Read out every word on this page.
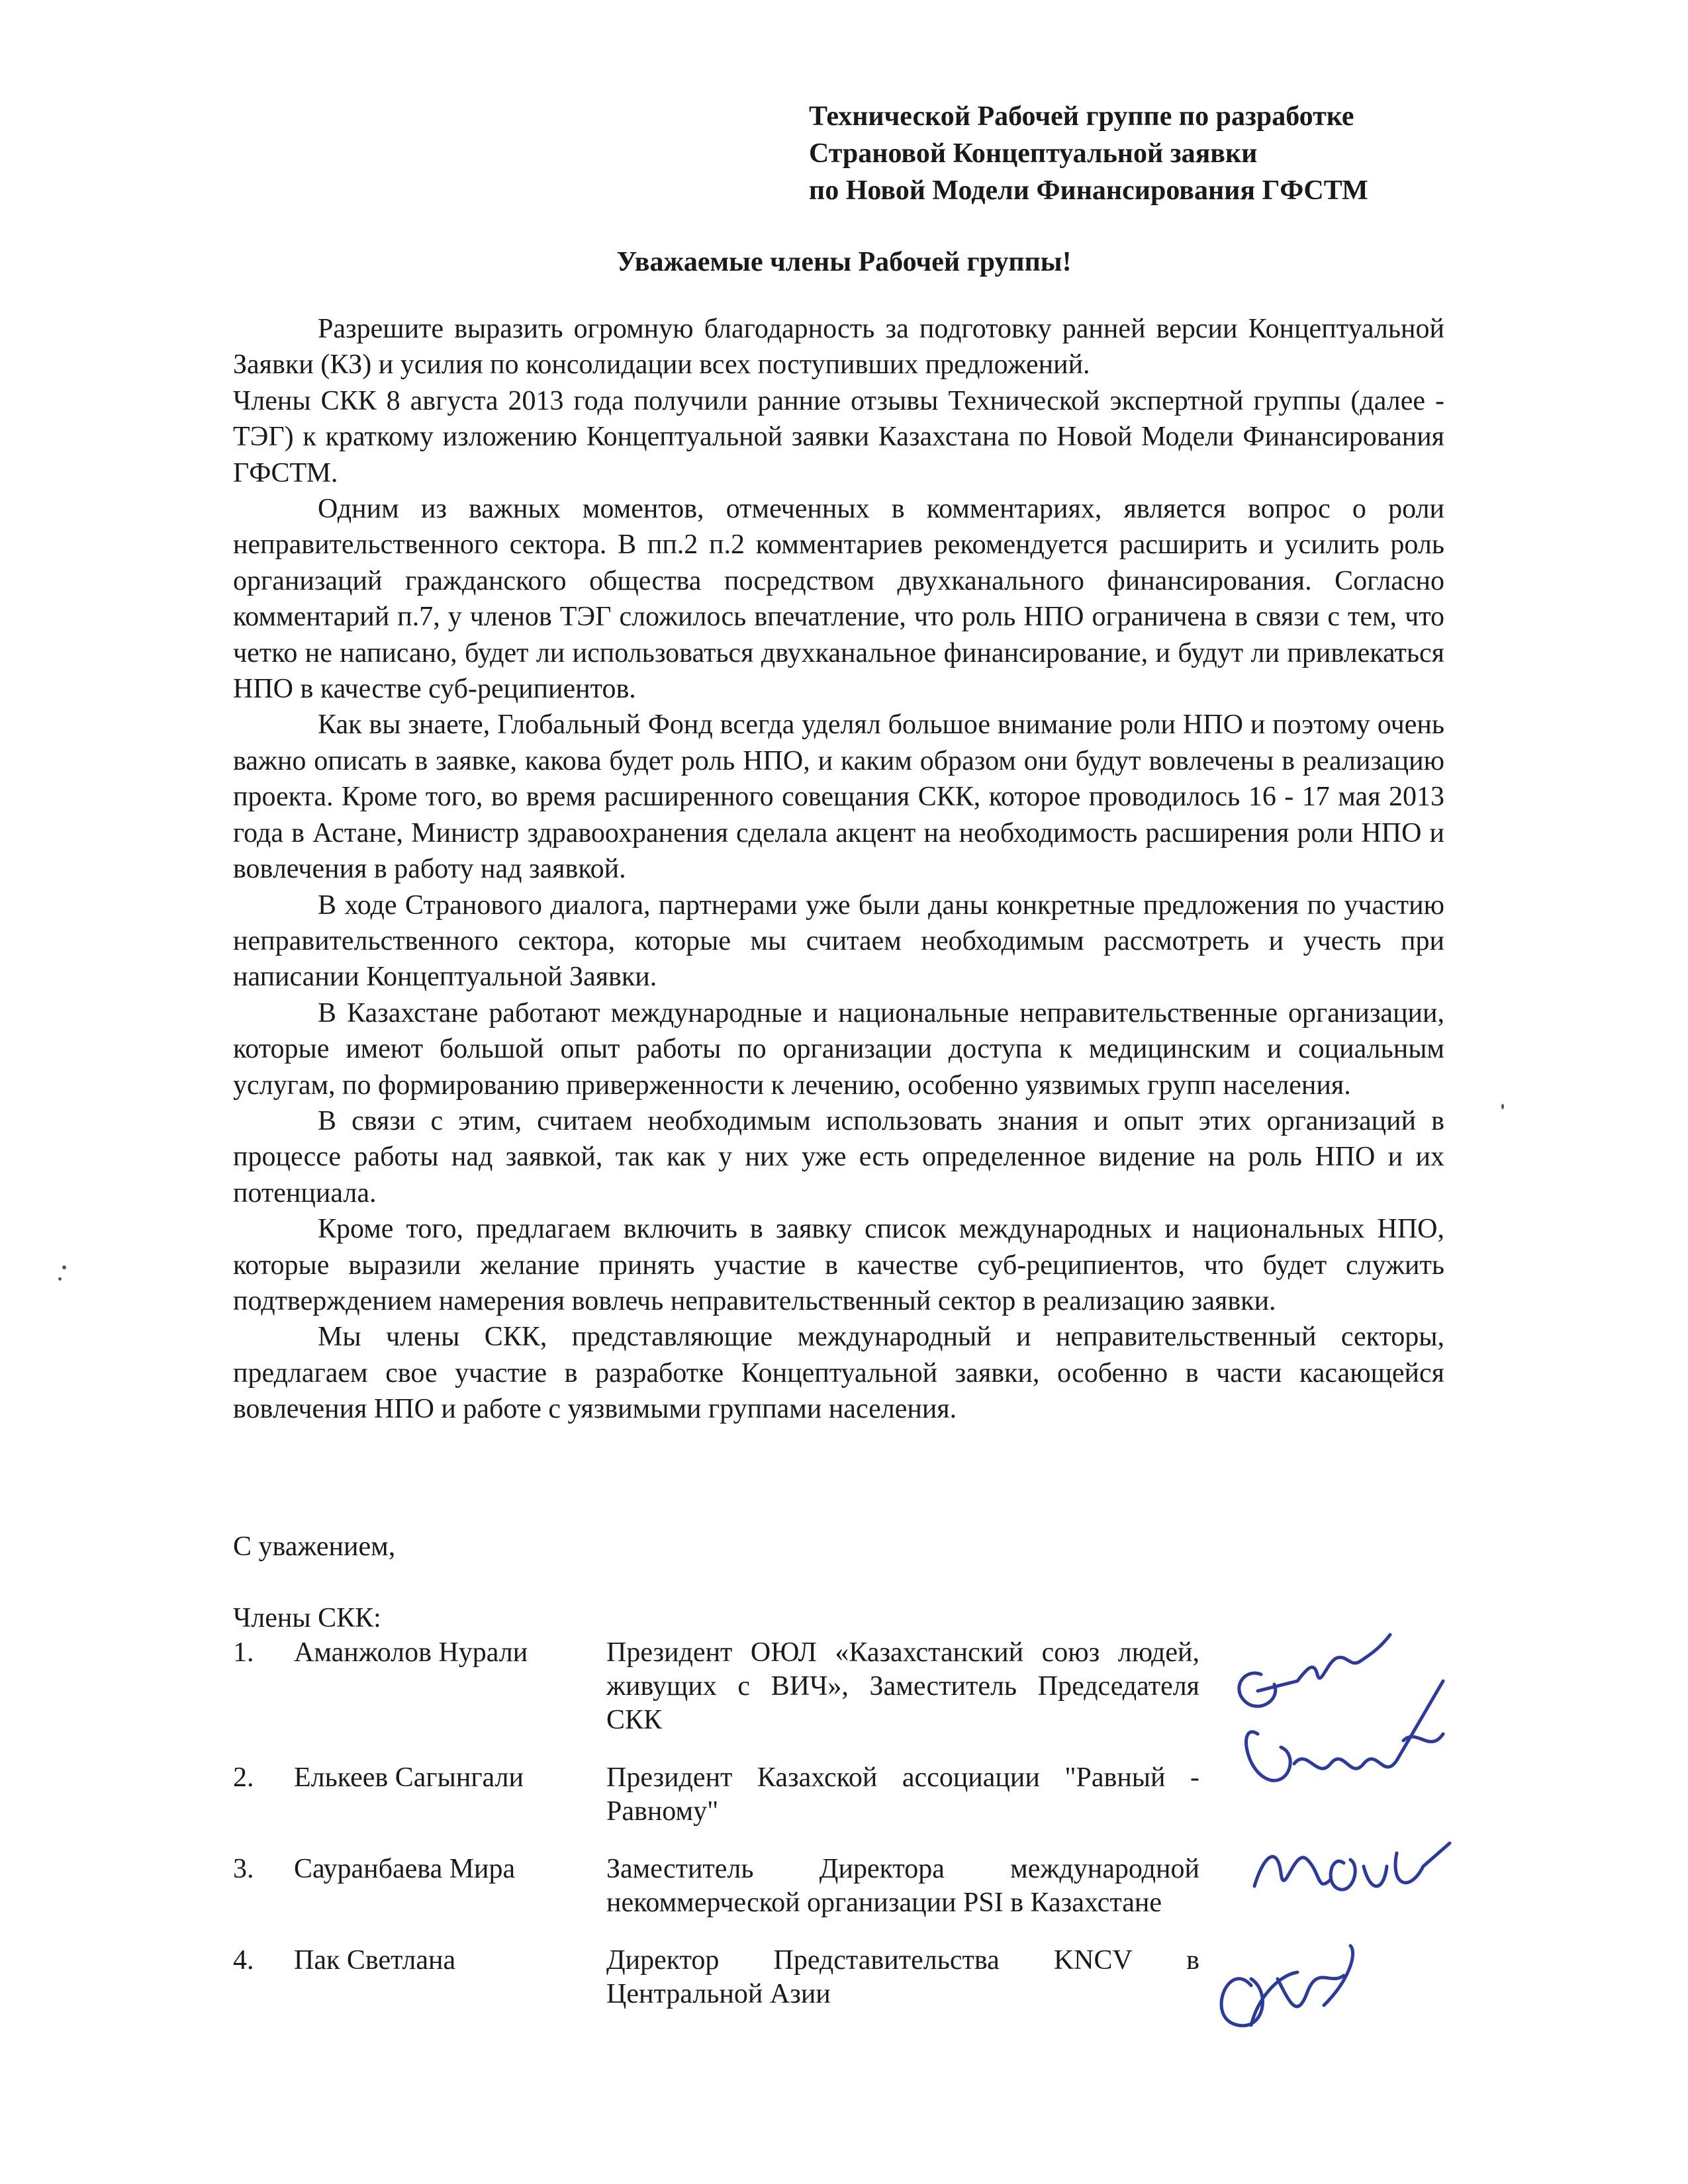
Технической Рабочей группе по разработке
Страновой Концептуальной заявки
по Новой Модели Финансирования ГФСТМ
Уважаемые члены Рабочей группы!

Разрешите выразить огромную благодарность за подготовку ранней версии Концептуальной Заявки (КЗ) и усилия по консолидации всех поступивших предложений.

Члены СКК 8 августа 2013 года получили ранние отзывы Технической экспертной группы (далее - ТЭГ) к краткому изложению Концептуальной заявки Казахстана по Новой Модели Финансирования ГФСТМ.

Одним из важных моментов, отмеченных в комментариях, является вопрос о роли неправительственного сектора. В пп.2 п.2 комментариев рекомендуется расширить и усилить роль организаций гражданского общества посредством двухканального финансирования. Согласно комментарий п.7, у членов ТЭГ сложилось впечатление, что роль НПО ограничена в связи с тем, что четко не написано, будет ли использоваться двухканальное финансирование, и будут ли привлекаться НПО в качестве суб-реципиентов.

Как вы знаете, Глобальный Фонд всегда уделял большое внимание роли НПО и поэтому очень важно описать в заявке, какова будет роль НПО, и каким образом они будут вовлечены в реализацию проекта. Кроме того, во время расширенного совещания СКК, которое проводилось 16 - 17 мая 2013 года в Астане, Министр здравоохранения сделала акцент на необходимость расширения роли НПО и вовлечения в работу над заявкой.

В ходе Странового диалога, партнерами уже были даны конкретные предложения по участию неправительственного сектора, которые мы считаем необходимым рассмотреть и учесть при написании Концептуальной Заявки.

В Казахстане работают международные и национальные неправительственные организации, которые имеют большой опыт работы по организации доступа к медицинским и социальным услугам, по формированию приверженности к лечению, особенно уязвимых групп населения.

В связи с этим, считаем необходимым использовать знания и опыт этих организаций в процессе работы над заявкой, так как у них уже есть определенное видение на роль НПО и их потенциала.

Кроме того, предлагаем включить в заявку список международных и национальных НПО, которые выразили желание принять участие в качестве суб-реципиентов, что будет служить подтверждением намерения вовлечь неправительственный сектор в реализацию заявки.

Мы члены СКК, представляющие международный и неправительственный секторы, предлагаем свое участие в разработке Концептуальной заявки, особенно в части касающейся вовлечения НПО и работе с уязвимыми группами населения.

С уважением,
Члены СКК:
1.	Аманжолов Нурали	Президент ОЮЛ «Казахстанский союз людей, живущих с ВИЧ», Заместитель Председателя СКК
2.	Елькеев Сагынгали	Президент Казахской ассоциации "Равный - Равному"
3.	Сауранбаева Мира	Заместитель Директора международной некоммерческой организации PSI в Казахстане
4.	Пак Светлана	Директор Представительства KNCV в Центральной Азии
